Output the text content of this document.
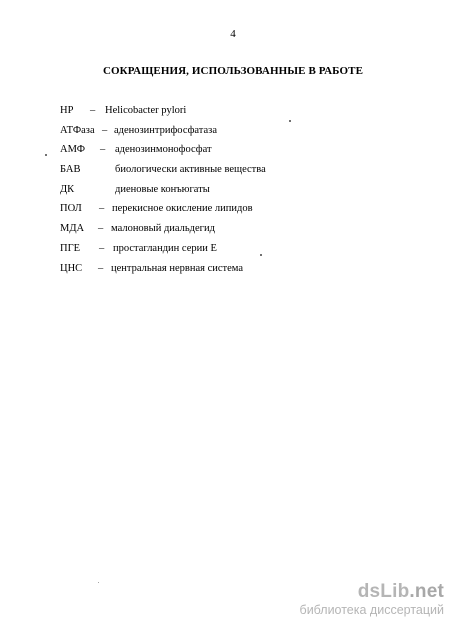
4
СОКРАЩЕНИЯ, ИСПОЛЬЗОВАННЫЕ В РАБОТЕ
НР – Helicobacter pylori
АТФаза – аденозинтрифосфатаза
АМФ – аденозинмонофосфат
БАВ	биологически активные вещества
ДК	диеновые конъюгаты
ПОЛ – перекисное окисление липидов
МДА – малоновый диальдегид
ПГЕ – простагландин серии Е
ЦНС – центральная нервная система
dsLib.net
библиотека диссертаций
